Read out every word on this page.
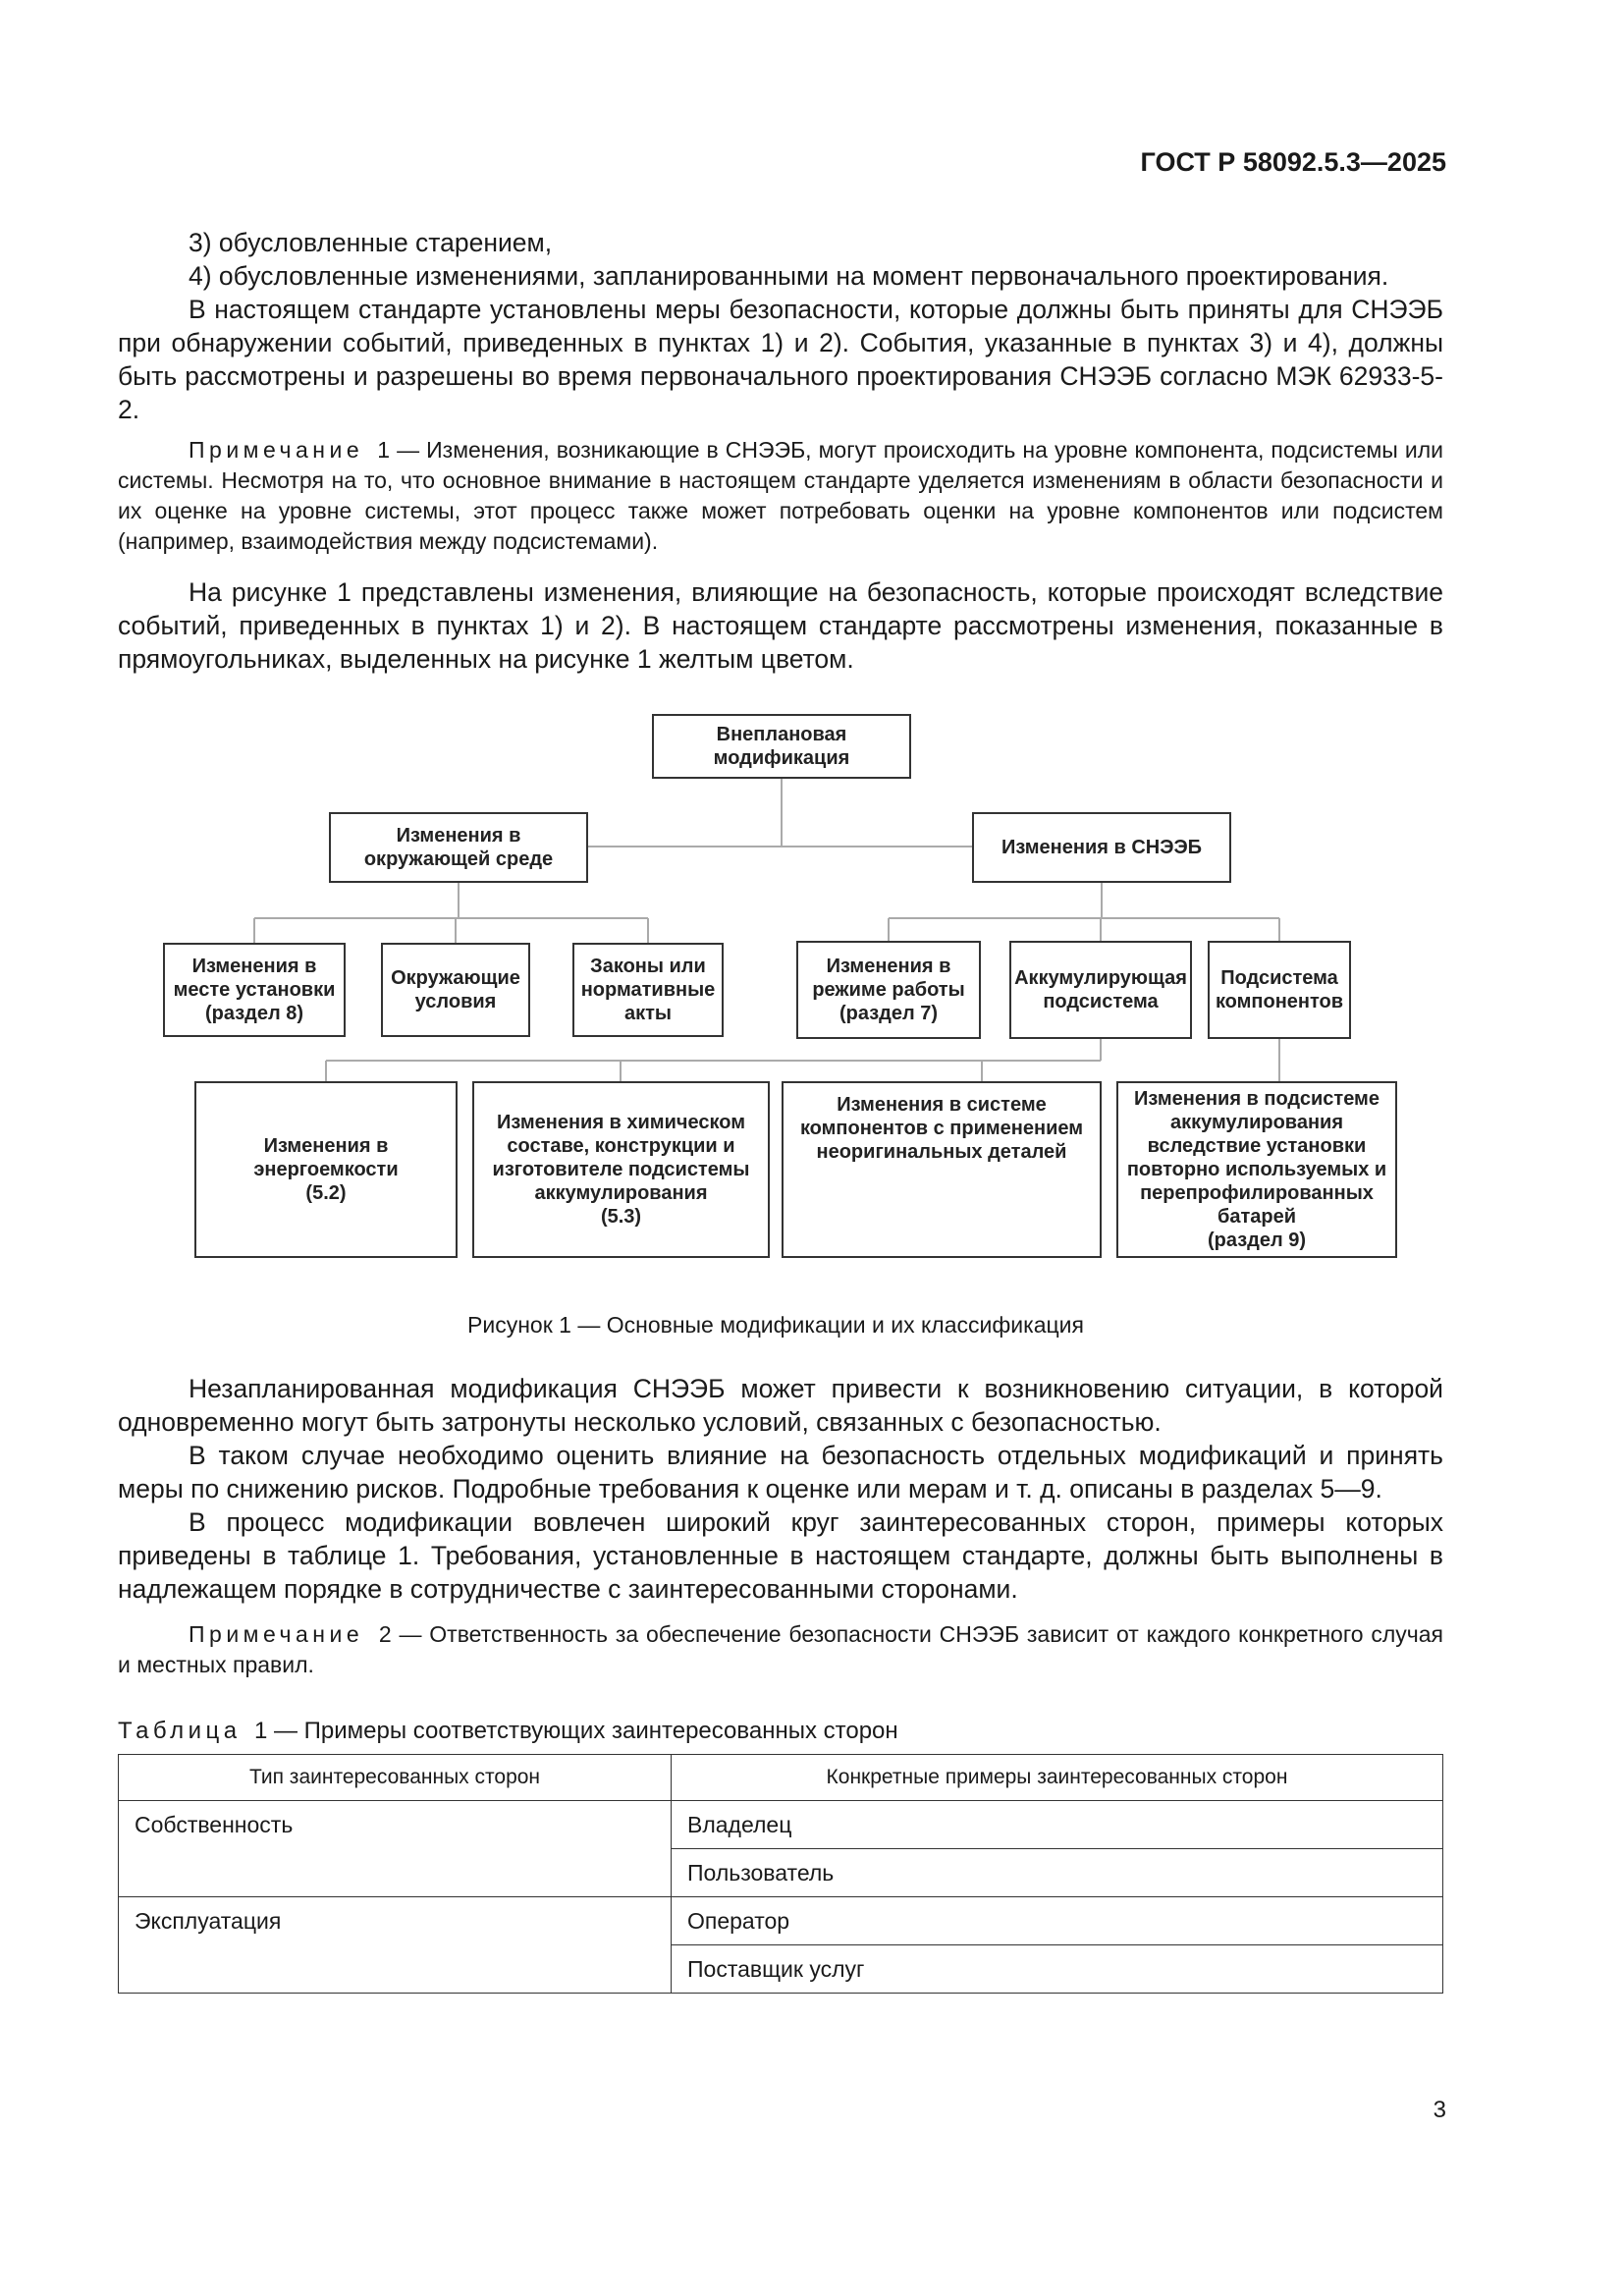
ГОСТ Р 58092.5.3—2025

3) обусловленные старением,

4) обусловленные изменениями, запланированными на момент первоначального проектирования.

В настоящем стандарте установлены меры безопасности, которые должны быть приняты для СНЭЭБ при обнаружении событий, приведенных в пунктах 1) и 2). События, указанные в пунктах 3) и 4), должны быть рассмотрены и разрешены во время первоначального проектирования СНЭЭБ согласно МЭК 62933-5-2.

Примечание 1 — Изменения, возникающие в СНЭЭБ, могут происходить на уровне компонента, подсистемы или системы. Несмотря на то, что основное внимание в настоящем стандарте уделяется изменениям в области безопасности и их оценке на уровне системы, этот процесс также может потребовать оценки на уровне компонентов или подсистем (например, взаимодействия между подсистемами).

На рисунке 1 представлены изменения, влияющие на безопасность, которые происходят вследствие событий, приведенных в пунктах 1) и 2). В настоящем стандарте рассмотрены изменения, показанные в прямоугольниках, выделенных на рисунке 1 желтым цветом.

Внеплановая
модификация
Изменения в
окружающей среде
Изменения в СНЭЭБ
Изменения в
месте установки
(раздел 8)
Окружающие
условия
Законы или
нормативные
акты
Изменения в
режиме работы
(раздел 7)
Аккумулирующая
подсистема
Подсистема
компонентов
Изменения в
энергоемкости
(5.2)
Изменения в химическом
составе, конструкции и
изготовителе подсистемы
аккумулирования
(5.3)
Изменения в системе
компонентов с применением
неоригинальных деталей
Изменения в подсистеме
аккумулирования
вследствие установки
повторно используемых и
перепрофилированных
батарей
(раздел 9)
Рисунок 1 — Основные модификации и их классификация

Незапланированная модификация СНЭЭБ может привести к возникновению ситуации, в которой одновременно могут быть затронуты несколько условий, связанных с безопасностью.

В таком случае необходимо оценить влияние на безопасность отдельных модификаций и принять меры по снижению рисков. Подробные требования к оценке или мерам и т. д. описаны в разделах 5—9.

В процесс модификации вовлечен широкий круг заинтересованных сторон, примеры которых приведены в таблице 1. Требования, установленные в настоящем стандарте, должны быть выполнены в надлежащем порядке в сотрудничестве с заинтересованными сторонами.

Примечание 2 — Ответственность за обеспечение безопасности СНЭЭБ зависит от каждого конкретного случая и местных правил.

Таблица 1 — Примеры соответствующих заинтересованных сторон
Тип заинтересованных сторон	Конкретные примеры заинтересованных сторон
Собственность	Владелец
	Пользователь
Эксплуатация	Оператор
	Поставщик услуг
3
